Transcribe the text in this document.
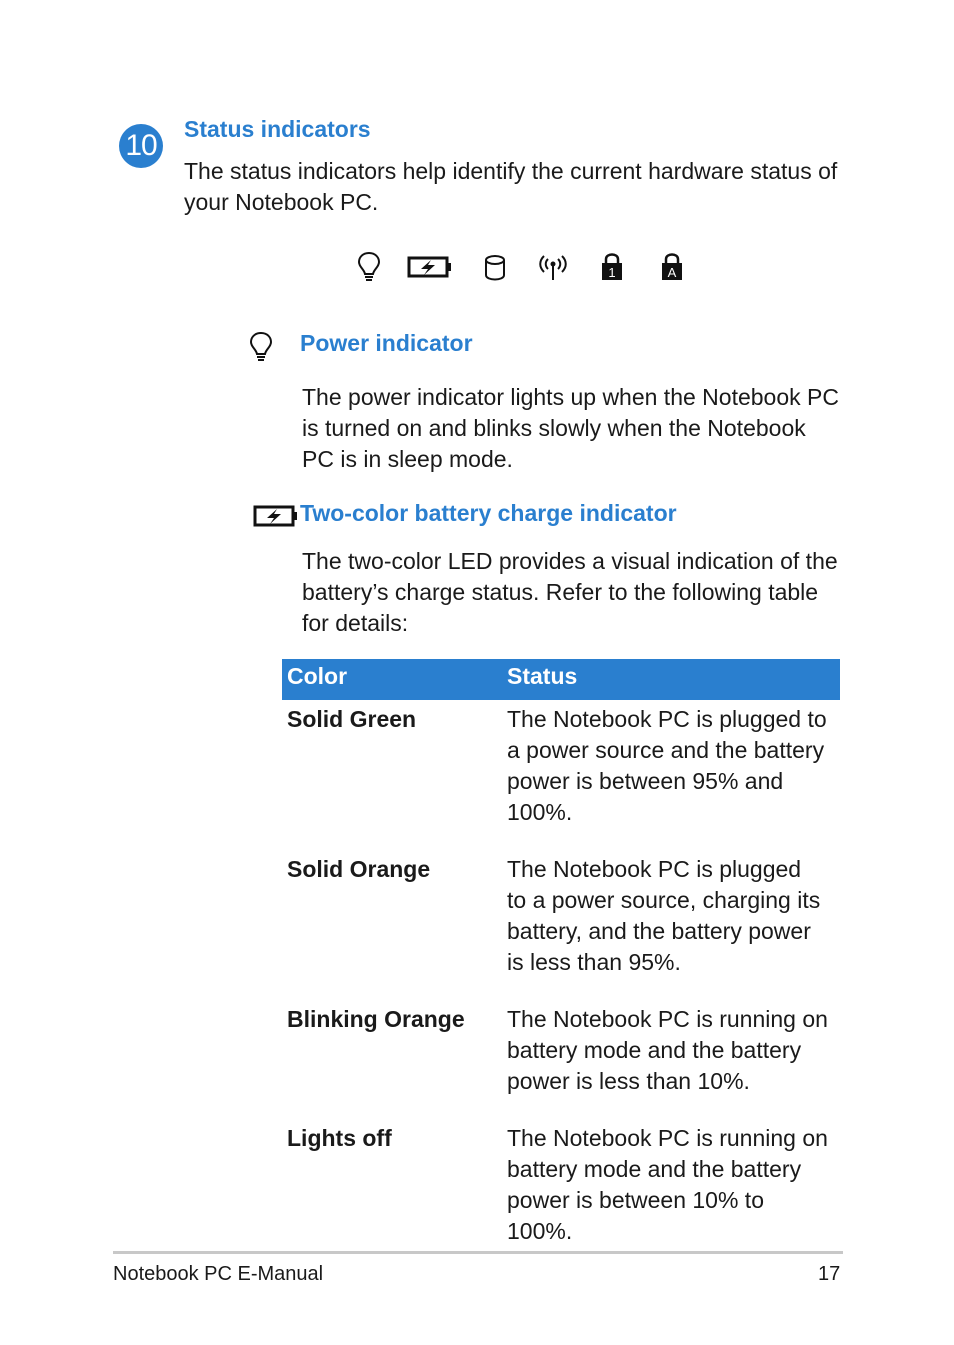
10 Status indicators
The status indicators help identify the current hardware status of
your Notebook PC.
1	A
Power indicator
The power indicator lights up when the Notebook PC
is turned on and blinks slowly when the Notebook
PC is in sleep mode.
Two-color battery charge indicator
The two-color LED provides a visual indication of the
battery’s charge status. Refer to the following table
for details:
Color	Status
Solid Green	The Notebook PC is plugged to
a power source and the battery
power is between 95% and
100%.

Solid Orange	The Notebook PC is plugged
to a power source, charging its
battery, and the battery power
is less than 95%.

Blinking Orange	The Notebook PC is running on
battery mode and the battery
power is less than 10%.

Lights off	The Notebook PC is running on
battery mode and the battery
power is between 10% to 100%.
Notebook PC E-Manual	17
